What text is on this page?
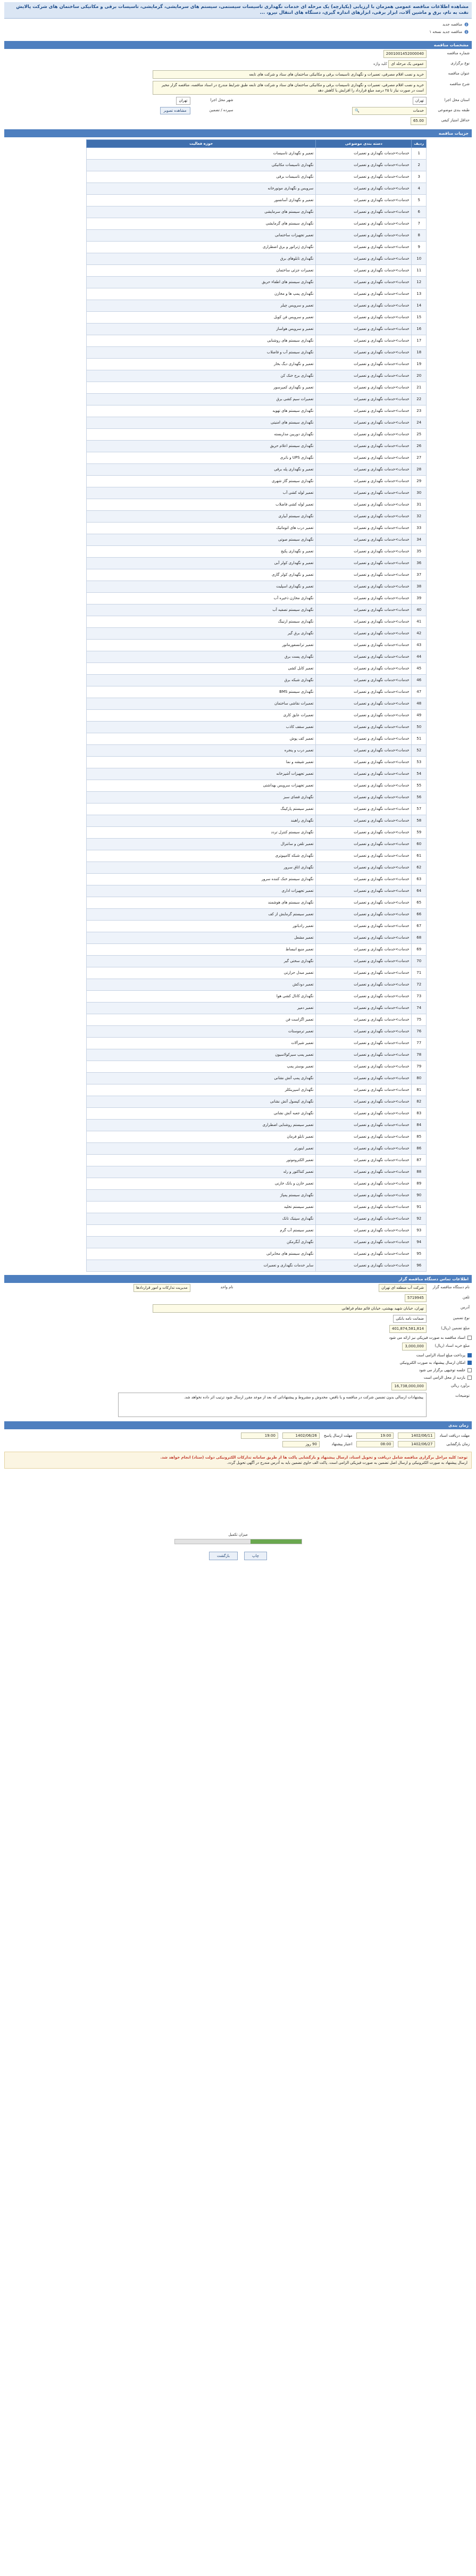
مشاهده اطلاعات مناقصه عمومی همزمان با ارزیابی (یکپارچه) یک مرحله ای خدمات نگهداری تاسیسات سیستمی، سیستم های سرمایشی، گرمایشی، تاسیسات برقی و مکانیکی ساختمان های شرکت پالایش نفت به نام، برق و ماشین آلات، ابزار برقی، ابزارهای اندازه گیری، دستگاه های انتقال نیرو، ...
مناقصه جدید
مناقصه جدید نسخه ۱
مشخصات مناقصه
شماره مناقصه
2001001452000040
نوع برگزاری
عمومی یک مرحله ای کلید واژه
عنوان مناقصه
خرید و نصب اقلام مصرفی، تعمیرات و نگهداری تاسیسات برقی و مکانیکی ساختمان های ستاد و شرکت های تابعه
شرح مناقصه
خرید و نصب اقلام مصرفی، تعمیرات و نگهداری تاسیسات برقی و مکانیکی ساختمان های ستاد و شرکت های تابعه طبق شرایط مندرج در اسناد مناقصه، مناقصه گزار مخیر است در صورت نیاز تا ۲۵ درصد مبلغ قرارداد را افزایش یا کاهش دهد
استان محل اجرا
تهران
طبقه بندی موضوعی
خدمات
🔍
حداقل امتیاز کیفی
65.00
شهر محل اجرا
تهران
سپرده / تضمین
مشاهده تصویر
جزییات مناقصه
ردیف	دسته بندی موضوعی	حوزه فعالیت
1	خدمات>خدمات نگهداری و تعمیرات	تعمیر و نگهداری تاسیسات
2	خدمات>خدمات نگهداری و تعمیرات	نگهداری تاسیسات مکانیکی
3	خدمات>خدمات نگهداری و تعمیرات	نگهداری تاسیسات برقی
4	خدمات>خدمات نگهداری و تعمیرات	سرویس و نگهداری موتورخانه
5	خدمات>خدمات نگهداری و تعمیرات	تعمیر و نگهداری آسانسور
6	خدمات>خدمات نگهداری و تعمیرات	نگهداری سیستم های سرمایشی
7	خدمات>خدمات نگهداری و تعمیرات	نگهداری سیستم های گرمایشی
8	خدمات>خدمات نگهداری و تعمیرات	تعمیر تجهیزات ساختمانی
9	خدمات>خدمات نگهداری و تعمیرات	نگهداری ژنراتور و برق اضطراری
10	خدمات>خدمات نگهداری و تعمیرات	نگهداری تابلوهای برق
11	خدمات>خدمات نگهداری و تعمیرات	تعمیرات جزئی ساختمان
12	خدمات>خدمات نگهداری و تعمیرات	نگهداری سیستم های اطفاء حریق
13	خدمات>خدمات نگهداری و تعمیرات	نگهداری پمپ ها و مخازن
14	خدمات>خدمات نگهداری و تعمیرات	تعمیر و سرویس چیلر
15	خدمات>خدمات نگهداری و تعمیرات	تعمیر و سرویس فن کویل
16	خدمات>خدمات نگهداری و تعمیرات	تعمیر و سرویس هواساز
17	خدمات>خدمات نگهداری و تعمیرات	نگهداری سیستم های روشنایی
18	خدمات>خدمات نگهداری و تعمیرات	نگهداری سیستم آب و فاضلاب
19	خدمات>خدمات نگهداری و تعمیرات	تعمیر و نگهداری دیگ بخار
20	خدمات>خدمات نگهداری و تعمیرات	نگهداری برج خنک کن
21	خدمات>خدمات نگهداری و تعمیرات	تعمیر و نگهداری کمپرسور
22	خدمات>خدمات نگهداری و تعمیرات	تعمیرات سیم کشی برق
23	خدمات>خدمات نگهداری و تعمیرات	نگهداری سیستم های تهویه
24	خدمات>خدمات نگهداری و تعمیرات	نگهداری سیستم های امنیتی
25	خدمات>خدمات نگهداری و تعمیرات	نگهداری دوربین مداربسته
26	خدمات>خدمات نگهداری و تعمیرات	نگهداری سیستم اعلام حریق
27	خدمات>خدمات نگهداری و تعمیرات	نگهداری UPS و باتری
28	خدمات>خدمات نگهداری و تعمیرات	تعمیر و نگهداری پله برقی
29	خدمات>خدمات نگهداری و تعمیرات	نگهداری سیستم گاز شهری
30	خدمات>خدمات نگهداری و تعمیرات	تعمیر لوله کشی آب
31	خدمات>خدمات نگهداری و تعمیرات	تعمیر لوله کشی فاضلاب
32	خدمات>خدمات نگهداری و تعمیرات	نگهداری سیستم آبیاری
33	خدمات>خدمات نگهداری و تعمیرات	تعمیر درب های اتوماتیک
34	خدمات>خدمات نگهداری و تعمیرات	نگهداری سیستم صوتی
35	خدمات>خدمات نگهداری و تعمیرات	تعمیر و نگهداری پکیج
36	خدمات>خدمات نگهداری و تعمیرات	تعمیر و نگهداری کولر آبی
37	خدمات>خدمات نگهداری و تعمیرات	تعمیر و نگهداری کولر گازی
38	خدمات>خدمات نگهداری و تعمیرات	تعمیر و نگهداری اسپلیت
39	خدمات>خدمات نگهداری و تعمیرات	نگهداری مخازن ذخیره آب
40	خدمات>خدمات نگهداری و تعمیرات	نگهداری سیستم تصفیه آب
41	خدمات>خدمات نگهداری و تعمیرات	نگهداری سیستم ارتینگ
42	خدمات>خدمات نگهداری و تعمیرات	نگهداری برق گیر
43	خدمات>خدمات نگهداری و تعمیرات	تعمیر ترانسفورماتور
44	خدمات>خدمات نگهداری و تعمیرات	نگهداری پست برق
45	خدمات>خدمات نگهداری و تعمیرات	تعمیر کابل کشی
46	خدمات>خدمات نگهداری و تعمیرات	نگهداری شبکه برق
47	خدمات>خدمات نگهداری و تعمیرات	نگهداری سیستم BMS
48	خدمات>خدمات نگهداری و تعمیرات	تعمیرات نقاشی ساختمان
49	خدمات>خدمات نگهداری و تعمیرات	تعمیرات عایق کاری
50	خدمات>خدمات نگهداری و تعمیرات	تعمیر سقف کاذب
51	خدمات>خدمات نگهداری و تعمیرات	تعمیر کف پوش
52	خدمات>خدمات نگهداری و تعمیرات	تعمیر درب و پنجره
53	خدمات>خدمات نگهداری و تعمیرات	تعمیر شیشه و نما
54	خدمات>خدمات نگهداری و تعمیرات	تعمیر تجهیزات آشپزخانه
55	خدمات>خدمات نگهداری و تعمیرات	تعمیر تجهیزات سرویس بهداشتی
56	خدمات>خدمات نگهداری و تعمیرات	نگهداری فضای سبز
57	خدمات>خدمات نگهداری و تعمیرات	تعمیر سیستم پارکینگ
58	خدمات>خدمات نگهداری و تعمیرات	نگهداری راهبند
59	خدمات>خدمات نگهداری و تعمیرات	نگهداری سیستم کنترل تردد
60	خدمات>خدمات نگهداری و تعمیرات	تعمیر تلفن و سانترال
61	خدمات>خدمات نگهداری و تعمیرات	نگهداری شبکه کامپیوتری
62	خدمات>خدمات نگهداری و تعمیرات	نگهداری اتاق سرور
63	خدمات>خدمات نگهداری و تعمیرات	نگهداری سیستم خنک کننده سرور
64	خدمات>خدمات نگهداری و تعمیرات	تعمیر تجهیزات اداری
65	خدمات>خدمات نگهداری و تعمیرات	نگهداری سیستم های هوشمند
66	خدمات>خدمات نگهداری و تعمیرات	تعمیر سیستم گرمایش از کف
67	خدمات>خدمات نگهداری و تعمیرات	تعمیر رادیاتور
68	خدمات>خدمات نگهداری و تعمیرات	تعمیر مشعل
69	خدمات>خدمات نگهداری و تعمیرات	تعمیر منبع انبساط
70	خدمات>خدمات نگهداری و تعمیرات	نگهداری سختی گیر
71	خدمات>خدمات نگهداری و تعمیرات	تعمیر مبدل حرارتی
72	خدمات>خدمات نگهداری و تعمیرات	تعمیر دودکش
73	خدمات>خدمات نگهداری و تعمیرات	نگهداری کانال کشی هوا
74	خدمات>خدمات نگهداری و تعمیرات	تعمیر دمپر
75	خدمات>خدمات نگهداری و تعمیرات	تعمیر اگزاست فن
76	خدمات>خدمات نگهداری و تعمیرات	تعمیر ترموستات
77	خدمات>خدمات نگهداری و تعمیرات	تعمیر شیرآلات
78	خدمات>خدمات نگهداری و تعمیرات	تعمیر پمپ سیرکولاسیون
79	خدمات>خدمات نگهداری و تعمیرات	تعمیر بوستر پمپ
80	خدمات>خدمات نگهداری و تعمیرات	نگهداری پمپ آتش نشانی
81	خدمات>خدمات نگهداری و تعمیرات	نگهداری اسپرینکلر
82	خدمات>خدمات نگهداری و تعمیرات	نگهداری کپسول آتش نشانی
83	خدمات>خدمات نگهداری و تعمیرات	نگهداری جعبه آتش نشانی
84	خدمات>خدمات نگهداری و تعمیرات	تعمیر سیستم روشنایی اضطراری
85	خدمات>خدمات نگهداری و تعمیرات	تعمیر تابلو فرمان
86	خدمات>خدمات نگهداری و تعمیرات	تعمیر اینورتر
87	خدمات>خدمات نگهداری و تعمیرات	تعمیر الکتروموتور
88	خدمات>خدمات نگهداری و تعمیرات	تعمیر کنتاکتور و رله
89	خدمات>خدمات نگهداری و تعمیرات	تعمیر خازن و بانک خازنی
90	خدمات>خدمات نگهداری و تعمیرات	نگهداری سیستم پمپاژ
91	خدمات>خدمات نگهداری و تعمیرات	تعمیر سیستم تخلیه
92	خدمات>خدمات نگهداری و تعمیرات	نگهداری سپتیک تانک
93	خدمات>خدمات نگهداری و تعمیرات	تعمیر سیستم آب گرم
94	خدمات>خدمات نگهداری و تعمیرات	نگهداری آبگرمکن
95	خدمات>خدمات نگهداری و تعمیرات	نگهداری سیستم های مخابراتی
96	خدمات>خدمات نگهداری و تعمیرات	سایر خدمات نگهداری و تعمیرات
اطلاعات تماس دستگاه مناقصه گزار
نام دستگاه مناقصه گزار
شرکت آب منطقه ای تهران
تلفن
5719945
نام واحد
مدیریت تدارکات و امور قراردادها
آدرس
تهران، خیابان شهید بهشتی، خیابان قائم مقام فراهانی
نوع تضمین
ضمانت نامه بانکی
مبلغ تضمین (ریال)
401,874,581,814
اسناد مناقصه به صورت فیزیکی نیز ارائه می شود
مبلغ خرید اسناد (ریال)
3,000,000
پرداخت مبلغ اسناد الزامی است
امکان ارسال پیشنهاد به صورت الکترونیکی
جلسه توجیهی برگزار می شود
بازدید از محل الزامی است
برآورد ریالی
16,738,000,000
توضیحات
پیشنهادات ارسالی بدون تضمین شرکت در مناقصه و یا ناقص، مخدوش و مشروط و پیشنهاداتی که بعد از موعد مقرر ارسال شود ترتیب اثر داده نخواهد شد.
زمان بندی
مهلت دریافت اسناد	1402/06/11	19:00	مهلت ارسال پاسخ	1402/06/26	19:00
زمان بازگشایی	1402/06/27	08:00	اعتبار پیشنهاد	90 روز	
توجه: کلیه مراحل برگزاری مناقصه شامل دریافت و تحویل اسناد، ارسال پیشنهاد و بازگشایی پاکت ها از طریق سامانه تدارکات الکترونیکی دولت (ستاد) انجام خواهد شد.
ارسال پیشنهاد به صورت الکترونیکی و ارسال اصل تضمین به صورت فیزیکی الزامی است. پاکت الف حاوی تضمین باید به آدرس مندرج در آگهی تحویل گردد.
میزان تکمیل
چاپ
بازگشت
